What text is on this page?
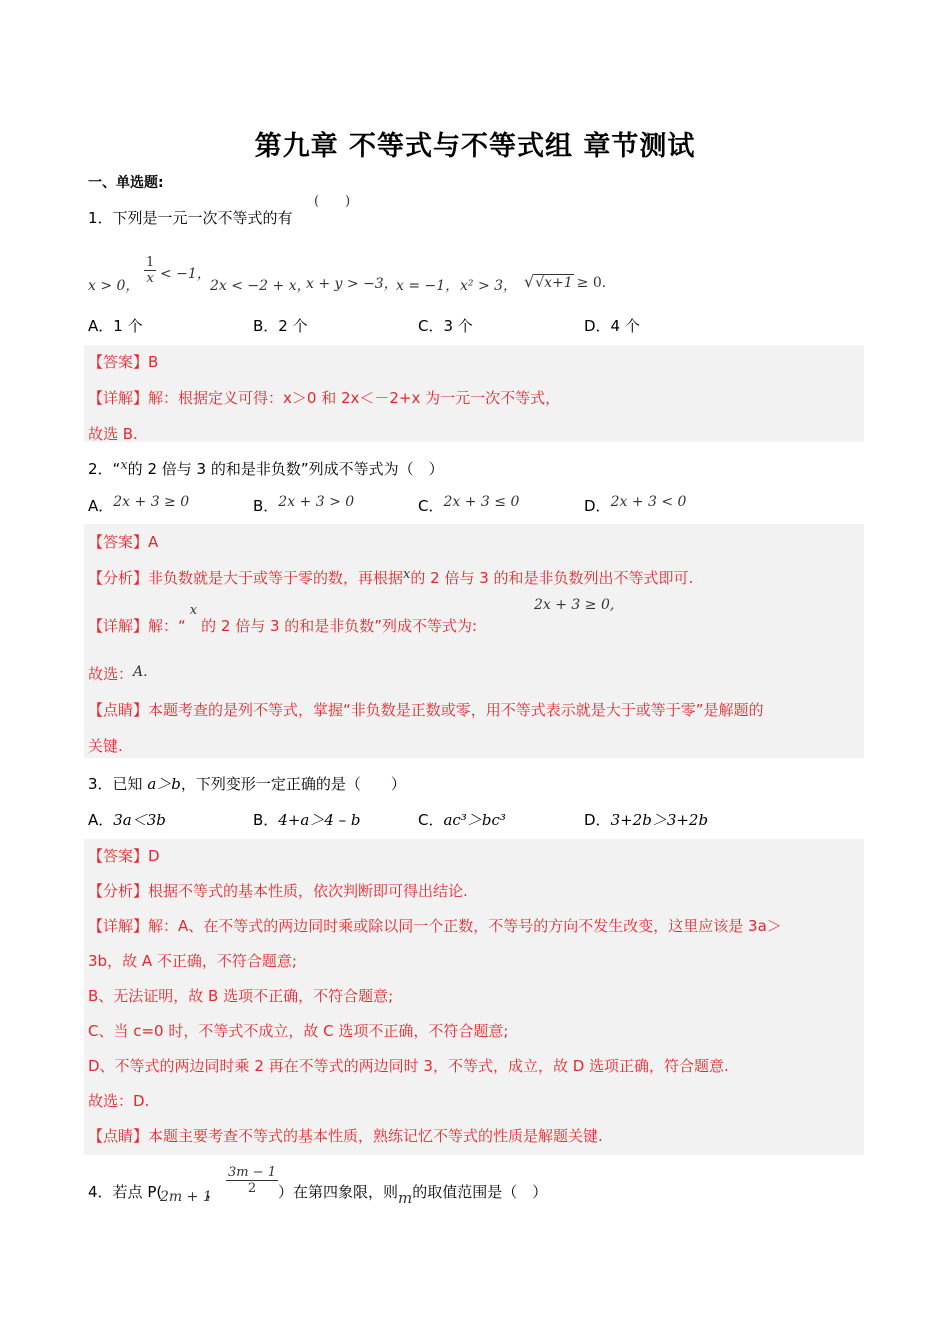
第九章 不等式与不等式组 章节测试
一、单选题:
1．下列是一元一次不等式的有
(　　)
x > 0， $\frac{1}{x} < -1$，
2x < −2 + x，
x + y > −3，
x = −1， x² > 3， √√x+1 ≥ 0．
A．1 个	B．2 个	C．3 个	D．4 个
【答案】B
【详解】解：根据定义可得：x＞0 和 2x＜－2+x 为一元一次不等式，
故选 B.
2．“x的 2 倍与 3 的和是非负数”列成不等式为（　）
A．2x + 3 ≥ 0	B．2x + 3 > 0	C．2x + 3 ≤ 0	D．2x + 3 < 0
【答案】A
【分析】非负数就是大于或等于零的数，再根据x的 2 倍与 3 的和是非负数列出不等式即可.
【详解】解：“x的 2 倍与 3 的和是非负数”列成不等式为:
2x + 3 ≥ 0,
故选：A.
【点睛】本题考查的是列不等式，掌握“非负数是正数或零，用不等式表示就是大于或等于零”是解题的
关键.
3．已知 a＞b，下列变形一定正确的是（　　）
A．3a＜3b	B．4+a＞4 – b	C．ac³＞bc³	D．3+2b＞3+2b
【答案】D
【分析】根据不等式的基本性质，依次判断即可得出结论.
【详解】解：A、在不等式的两边同时乘或除以同一个正数，不等号的方向不发生改变，这里应该是 3a＞
3b，故 A 不正确，不符合题意;
B、无法证明，故 B 选项不正确，不符合题意;
C、当 c=0 时，不等式不成立，故 C 选项不正确，不符合题意;
D、不等式的两边同时乘 2 再在不等式的两边同时 3，不等式，成立，故 D 选项正确，符合题意.
故选：D.
【点睛】本题主要考查不等式的基本性质，熟练记忆不等式的性质是解题关键.
4．若点 P(
2m + 1
， $\frac{3m - 1}{2}$ ）在第四象限，则m的取值范围是（　）
